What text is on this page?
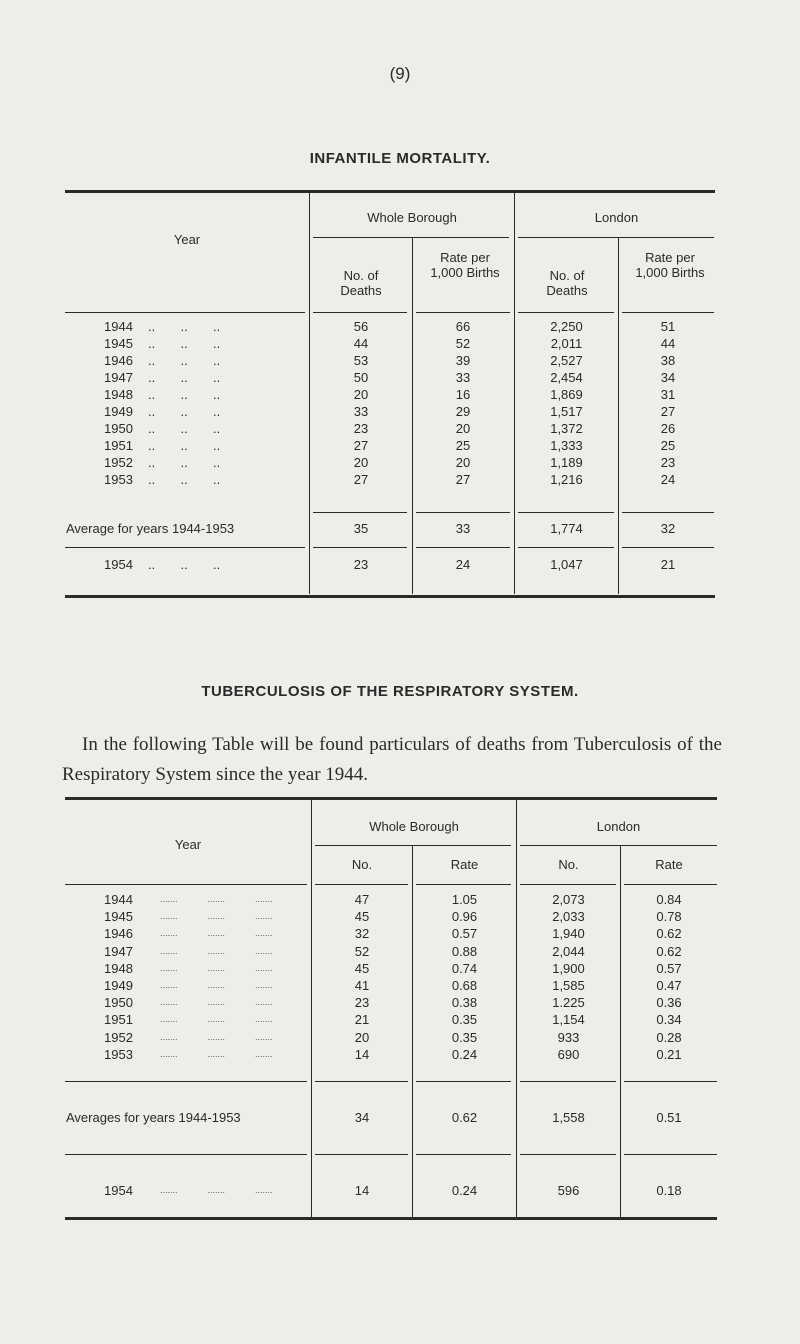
(9)
INFANTILE MORTALITY.
Year
Whole Borough	London
No. of Deaths
Rate per 1,000 Births	No. of Deaths
Rate per 1,000 Births
1944 ..       ..       ..	56	66	2,250	51
1945 ..       ..       ..	44	52	2,011	44
1946 ..       ..       ..	53	39	2,527	38
1947 ..       ..       ..	50	33	2,454	34
1948 ..       ..       ..	20	16	1,869	31
1949 ..       ..       ..	33	29	1,517	27
1950 ..       ..       ..	23	20	1,372	26
1951 ..       ..       ..	27	25	1,333	25
1952 ..       ..       ..	20	20	1,189	23
1953 ..       ..       ..	27	27	1,216	24
Average for years 1944-1953	35	33	1,774	32
1954 ..       ..       ..	23	24	1,047	21
TUBERCULOSIS OF THE RESPIRATORY SYSTEM.
In the following Table will be found particulars of deaths from Tuberculosis of the Respiratory System since the year 1944.
Year
Whole Borough	London
No.	Rate	No.	Rate
1944	.......            .......            .......	47	1.05	2,073	0.84
1945	.......            .......            .......	45	0.96	2,033	0.78
1946	.......            .......            .......	32	0.57	1,940	0.62
1947	.......            .......            .......	52	0.88	2,044	0.62
1948	.......            .......            .......	45	0.74	1,900	0.57
1949	.......            .......            .......	41	0.68	1,585	0.47
1950	.......            .......            .......	23	0.38	1.225	0.36
1951	.......            .......            .......	21	0.35	1,154	0.34
1952	.......            .......            .......	20	0.35	933	0.28
1953	.......            .......            .......	14	0.24	690	0.21
Averages for years 1944-1953	34	0.62	1,558	0.51
1954	.......            .......            .......	14	0.24	596	0.18
